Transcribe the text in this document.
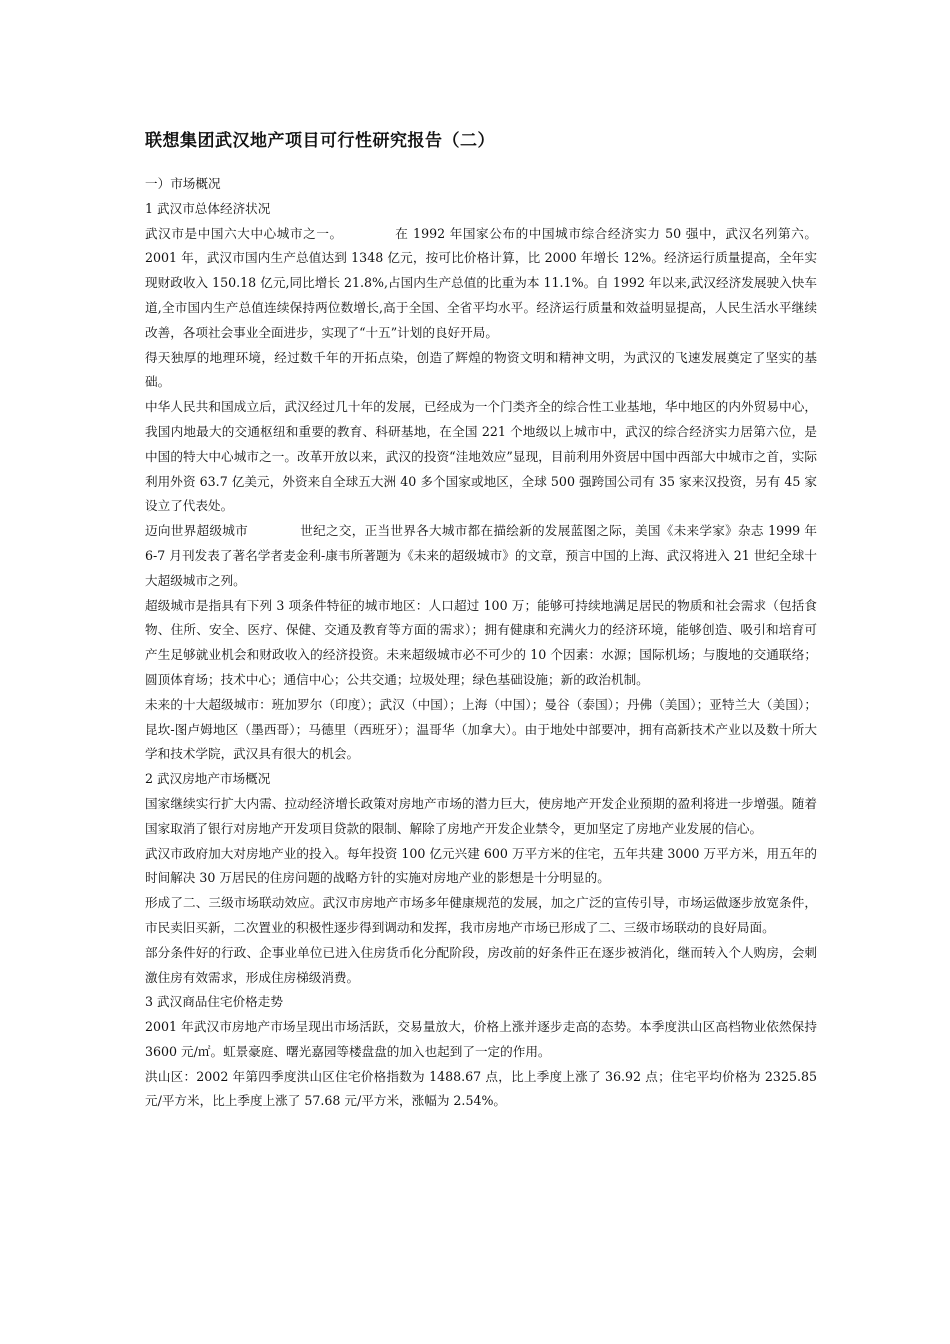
联想集团武汉地产项目可行性研究报告（二）

一）市场概况

1 武汉市总体经济状况

武汉市是中国六大中心城市之一。	在 1992 年国家公布的中国城市综合经济实力 50 强中，武汉名列第六。2001 年，武汉市国内生产总值达到 1348 亿元，按可比价格计算，比 2000 年增长 12%。经济运行质量提高，全年实现财政收入 150.18 亿元,同比增长 21.8%,占国内生产总值的比重为本 11.1%。自 1992 年以来,武汉经济发展驶入快车道,全市国内生产总值连续保持两位数增长,高于全国、全省平均水平。经济运行质量和效益明显提高，人民生活水平继续改善，各项社会事业全面进步，实现了“十五”计划的良好开局。

得天独厚的地理环境，经过数千年的开拓点染，创造了辉煌的物资文明和精神文明，为武汉的飞速发展奠定了坚实的基础。

中华人民共和国成立后，武汉经过几十年的发展，已经成为一个门类齐全的综合性工业基地，华中地区的内外贸易中心，我国内地最大的交通枢纽和重要的教育、科研基地，在全国 221 个地级以上城市中，武汉的综合经济实力居第六位，是中国的特大中心城市之一。改革开放以来，武汉的投资“洼地效应”显现，目前利用外资居中国中西部大中城市之首，实际利用外资 63.7 亿美元，外资来自全球五大洲 40 多个国家或地区，全球 500 强跨国公司有 35 家来汉投资，另有 45 家设立了代表处。

迈向世界超级城市	世纪之交，正当世界各大城市都在描绘新的发展蓝图之际，美国《未来学家》杂志 1999 年 6-7 月刊发表了著名学者麦金利-康韦所著题为《未来的超级城市》的文章，预言中国的上海、武汉将进入 21 世纪全球十大超级城市之列。

超级城市是指具有下列 3 项条件特征的城市地区：人口超过 100 万；能够可持续地满足居民的物质和社会需求（包括食物、住所、安全、医疗、保健、交通及教育等方面的需求）；拥有健康和充满火力的经济环境，能够创造、吸引和培育可产生足够就业机会和财政收入的经济投资。未来超级城市必不可少的 10 个因素：水源；国际机场；与腹地的交通联络；圆顶体育场；技术中心；通信中心；公共交通；垃圾处理；绿色基础设施；新的政治机制。

未来的十大超级城市：班加罗尔（印度）；武汉（中国）；上海（中国）；曼谷（泰国）；丹佛（美国）；亚特兰大（美国）；昆坎-图卢姆地区（墨西哥）；马德里（西班牙）；温哥华（加拿大）。由于地处中部要冲，拥有高新技术产业以及数十所大学和技术学院，武汉具有很大的机会。

2 武汉房地产市场概况

国家继续实行扩大内需、拉动经济增长政策对房地产市场的潜力巨大，使房地产开发企业预期的盈利将进一步增强。随着国家取消了银行对房地产开发项目贷款的限制、解除了房地产开发企业禁令，更加坚定了房地产业发展的信心。

武汉市政府加大对房地产业的投入。每年投资 100 亿元兴建 600 万平方米的住宅，五年共建 3000 万平方米，用五年的时间解决 30 万居民的住房问题的战略方针的实施对房地产业的影想是十分明显的。

形成了二、三级市场联动效应。武汉市房地产市场多年健康规范的发展，加之广泛的宣传引导，市场运做逐步放宽条件，市民卖旧买新，二次置业的积极性逐步得到调动和发挥，我市房地产市场已形成了二、三级市场联动的良好局面。

部分条件好的行政、企事业单位已进入住房货币化分配阶段，房改前的好条件正在逐步被消化，继而转入个人购房，会刺激住房有效需求，形成住房梯级消费。

3 武汉商品住宅价格走势

2001 年武汉市房地产市场呈现出市场活跃，交易量放大，价格上涨并逐步走高的态势。本季度洪山区高档物业依然保持 3600 元/㎡。虹景豪庭、曙光嘉园等楼盘盘的加入也起到了一定的作用。

洪山区：2002 年第四季度洪山区住宅价格指数为 1488.67 点，比上季度上涨了 36.92 点；住宅平均价格为 2325.85 元/平方米，比上季度上涨了 57.68 元/平方米，涨幅为 2.54%。
